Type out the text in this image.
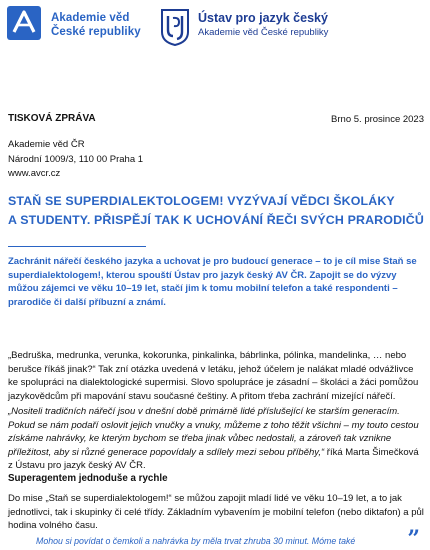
Akademie věd
České republiky
Ústav pro jazyk český
Akademie věd České republiky
TISKOVÁ ZPRÁVA	Brno 5. prosince 2023
Akademie věd ČR
Národní 1009/3, 110 00 Praha 1
www.avcr.cz
STAŇ SE SUPERDIALEKTOLOGEM! VYZÝVAJÍ VĚDCI ŠKOLÁKY
A STUDENTY. PŘISPĚJÍ TAK K UCHOVÁNÍ ŘEČI SVÝCH PRARODIČŮ
Zachránit nářečí českého jazyka a uchovat je pro budoucí generace – to je cíl mise Staň se superdialektologem!, kterou spouští Ústav pro jazyk český AV ČR. Zapojit se do výzvy můžou zájemci ve věku 10–19 let, stačí jim k tomu mobilní telefon a také respondenti – prarodiče či další příbuzní a známí.
„Bedruška, medrunka, verunka, kokorunka, pinkalinka, bábrlinka, pólinka, mandelinka, … nebo berušce říkáš jinak?“ Tak zní otázka uvedená v letáku, jehož účelem je nalákat mladé odvážlivce ke spolupráci na dialektologické supermisi. Slovo spolupráce je zásadní – školáci a žáci pomůžou jazykovědcům při mapování stavu současné češtiny. A přitom třeba zachrání mizející nářečí.
„Nositeli tradičních nářečí jsou v dnešní době primárně lidé příslušející ke starším generacím. Pokud se nám podaří oslovit jejich vnučky a vnuky, můžeme z toho těžit všichni – my touto cestou získáme nahrávky, ke kterým bychom se třeba jinak vůbec nedostali, a zároveň tak vznikne příležitost, aby si různé generace popovídaly a sdílely mezi sebou příběhy,“ říká Marta Šimečková z Ústavu pro jazyk český AV ČR.
Superagentem jednoduše a rychle
Do mise „Staň se superdialektologem!“ se můžou zapojit mladí lidé ve věku 10–19 let, a to jak jednotlivci, tak i skupinky či celé třídy. Základním vybavením je mobilní telefon (nebo diktafon) a půl hodina volného času.
Mohou si povídat o čemkoli a nahrávka by měla trvat zhruba 30 minut. Móme také ”
